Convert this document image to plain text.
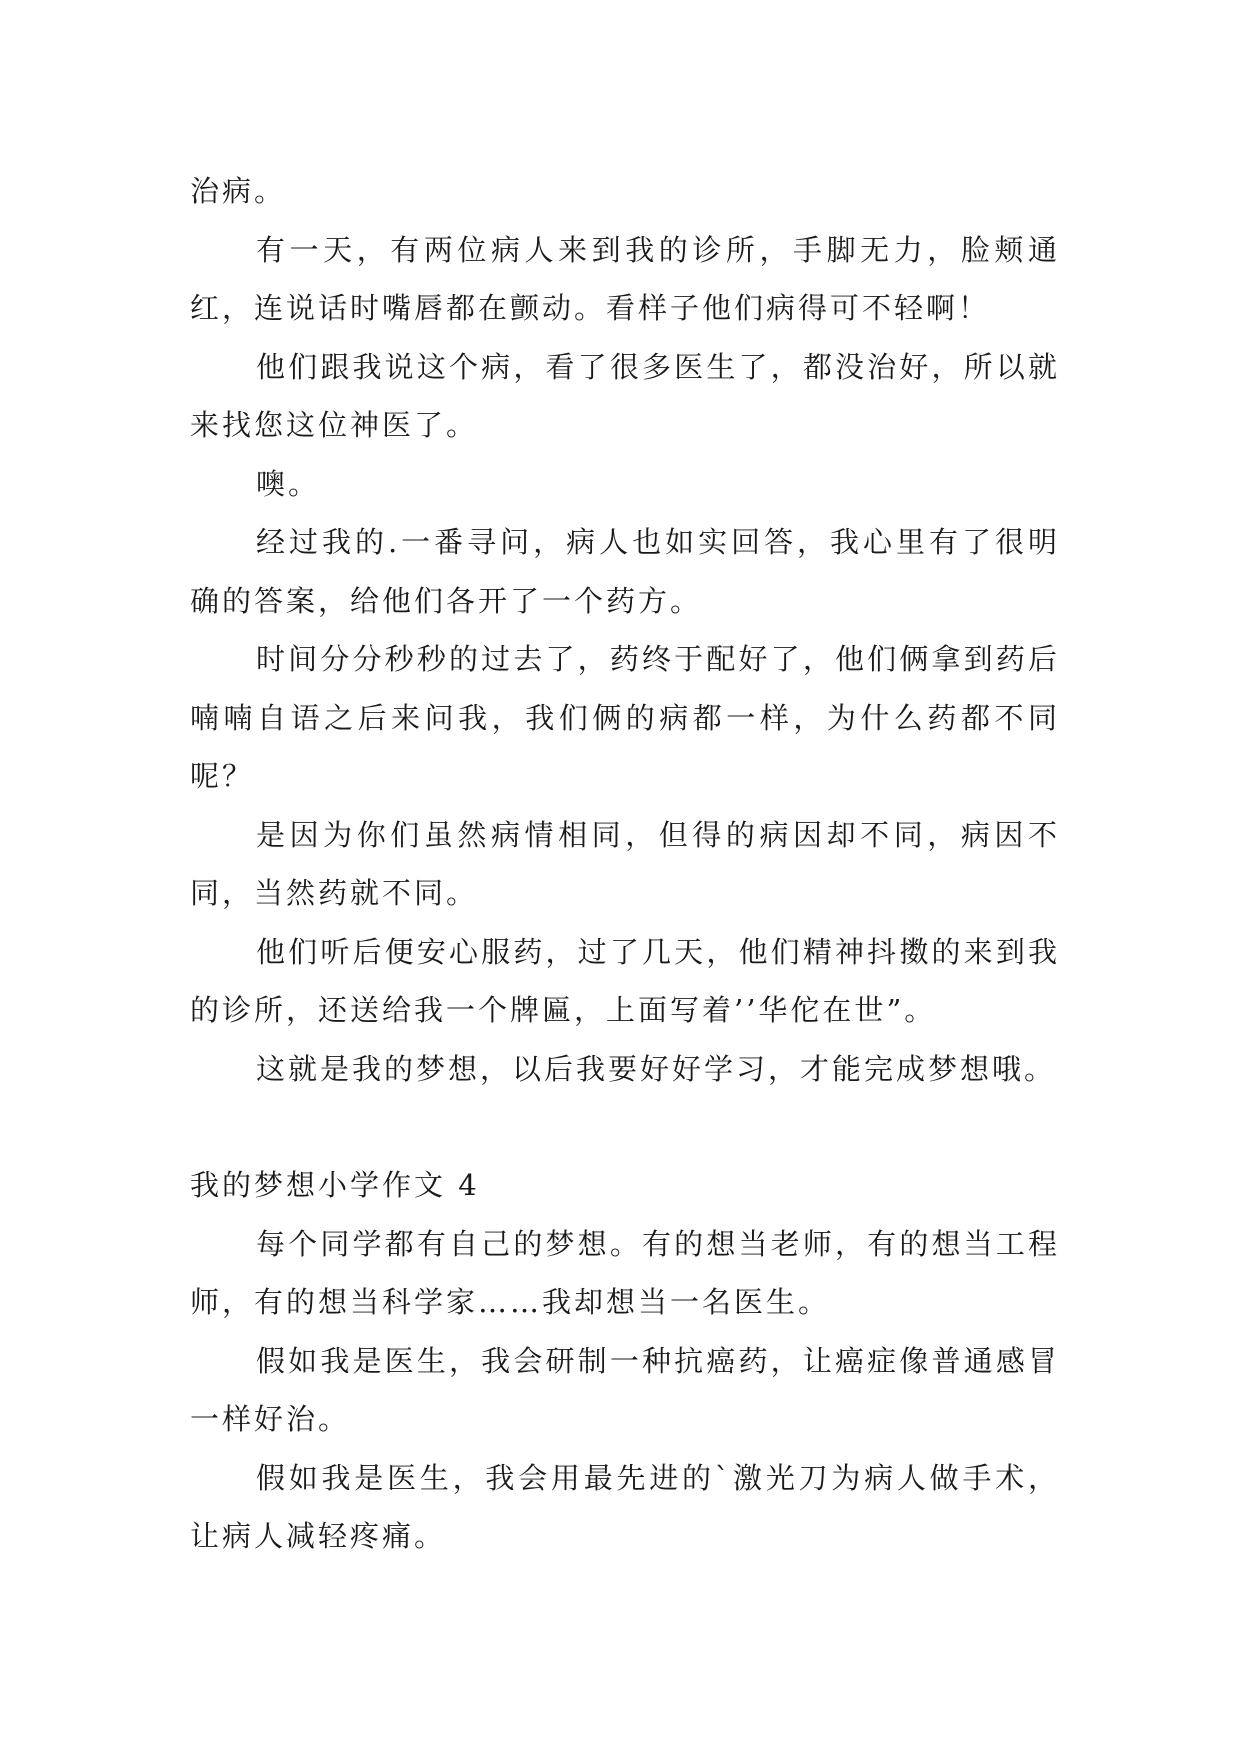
治病。

有一天，有两位病人来到我的诊所，手脚无力，脸颊通红，连说话时嘴唇都在颤动。看样子他们病得可不轻啊！

他们跟我说这个病，看了很多医生了，都没治好，所以就来找您这位神医了。

噢。

经过我的.一番寻问，病人也如实回答，我心里有了很明确的答案，给他们各开了一个药方。

时间分分秒秒的过去了，药终于配好了，他们俩拿到药后喃喃自语之后来问我，我们俩的病都一样，为什么药都不同呢？

是因为你们虽然病情相同，但得的病因却不同，病因不同，当然药就不同。

他们听后便安心服药，过了几天，他们精神抖擞的来到我的诊所，还送给我一个牌匾，上面写着’’华佗在世”。

这就是我的梦想，以后我要好好学习，才能完成梦想哦。

我的梦想小学作文 4

每个同学都有自己的梦想。有的想当老师，有的想当工程师，有的想当科学家……我却想当一名医生。

假如我是医生，我会研制一种抗癌药，让癌症像普通感冒一样好治。

假如我是医生，我会用最先进的`激光刀为病人做手术，让病人减轻疼痛。
